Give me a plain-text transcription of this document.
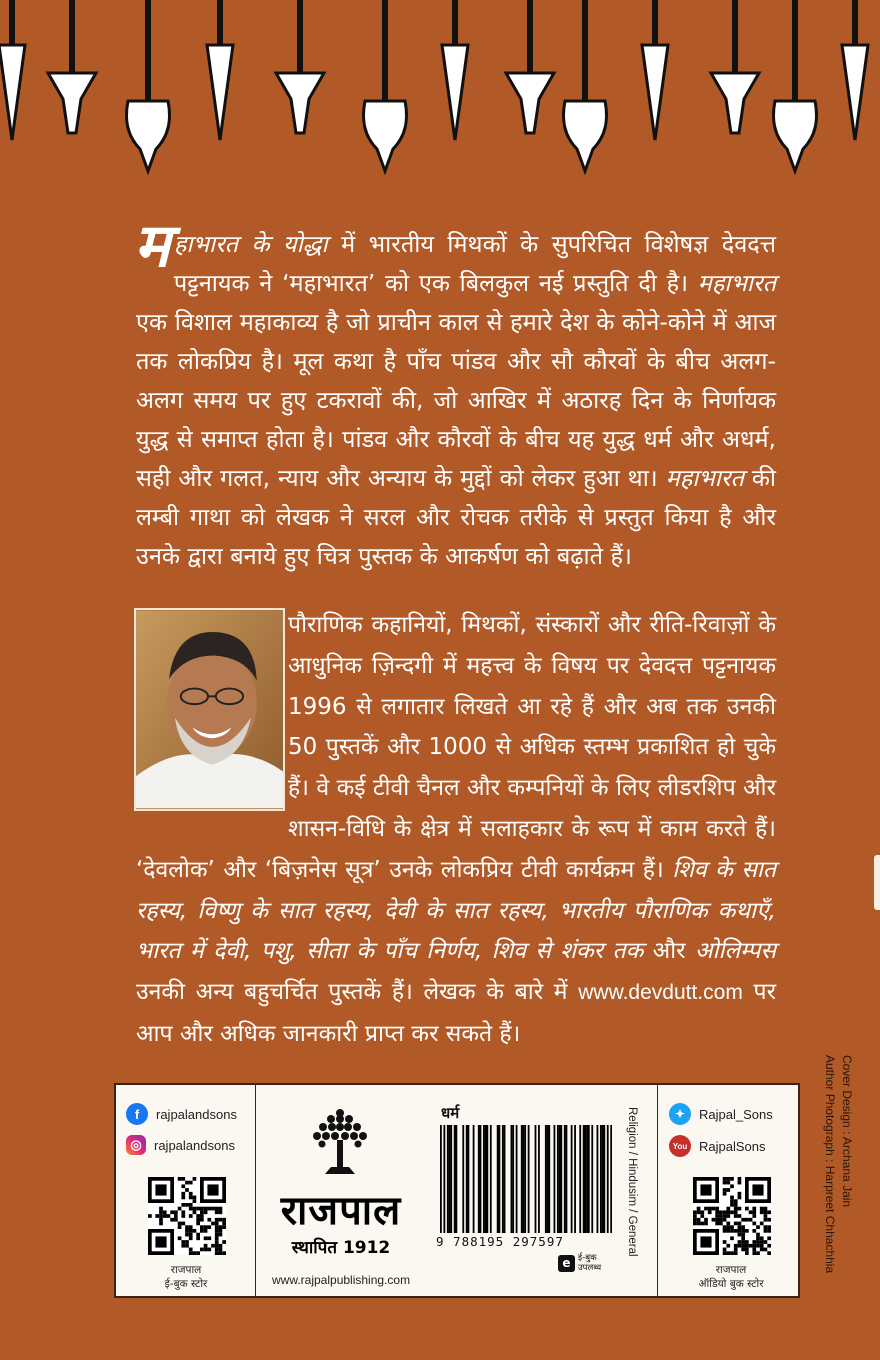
महाभारत के योद्धा में भारतीय मिथकों के सुपरिचित विशेषज्ञ देवदत्त पट्टनायक ने ‘महाभारत’ को एक बिलकुल नई प्रस्तुति दी है। महाभारत एक विशाल महाकाव्य है जो प्राचीन काल से हमारे देश के कोने-कोने में आज तक लोकप्रिय है। मूल कथा है पाँच पांडव और सौ कौरवों के बीच अलग-अलग समय पर हुए टकरावों की, जो आखिर में अठारह दिन के निर्णायक युद्ध से समाप्त होता है। पांडव और कौरवों के बीच यह युद्ध धर्म और अधर्म, सही और गलत, न्याय और अन्याय के मुद्दों को लेकर हुआ था। महाभारत की लम्बी गाथा को लेखक ने सरल और रोचक तरीके से प्रस्तुत किया है और उनके द्वारा बनाये हुए चित्र पुस्तक के आकर्षण को बढ़ाते हैं।
पौराणिक कहानियों, मिथकों, संस्कारों और रीति-रिवाज़ों के आधुनिक ज़िन्दगी में महत्त्व के विषय पर देवदत्त पट्टनायक 1996 से लगातार लिखते आ रहे हैं और अब तक उनकी 50 पुस्तकें और 1000 से अधिक स्तम्भ प्रकाशित हो चुके हैं। वे कई टीवी चैनल और कम्पनियों के लिए लीडरशिप और शासन-विधि के क्षेत्र में सलाहकार के रूप में काम करते हैं। ‘देवलोक’ और ‘बिज़नेस सूत्र’ उनके लोकप्रिय टीवी कार्यक्रम हैं। शिव के सात रहस्य, विष्णु के सात रहस्य, देवी के सात रहस्य, भारतीय पौराणिक कथाएँ, भारत में देवी, पशु, सीता के पाँच निर्णय, शिव से शंकर तक और ओलिम्पस उनकी अन्य बहुचर्चित पुस्तकें हैं। लेखक के बारे में www.devdutt.com पर आप और अधिक जानकारी प्राप्त कर सकते हैं।
Cover Design : Archana Jain
Author Photograph : Harpreet Chhachhia
f	rajpalandsons
◎ rajpalandsons
राजपाल
ई-बुक स्टोर
राजपाल
स्थापित 1912
www.rajpalpublishing.com
धर्म
9 788195 297597
e ई-बुक
उपलब्ध
Religion / Hindusim / General	✦	Rajpal_Sons
You RajpalSons
राजपाल
ऑडियो बुक स्टोर
